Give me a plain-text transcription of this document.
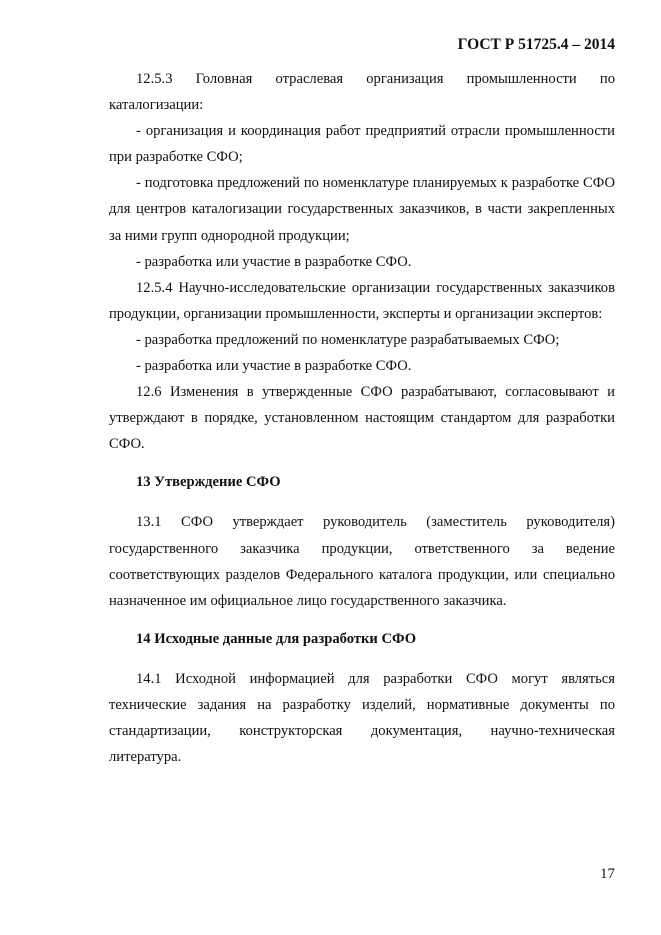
ГОСТ Р 51725.4 – 2014

12.5.3 Головная отраслевая организация промышленности по каталогизации:

- организация и координация работ предприятий отрасли промышленности при разработке СФО;

- подготовка предложений по номенклатуре планируемых к разработке СФО для центров каталогизации государственных заказчиков, в части закрепленных за ними групп однородной продукции;

- разработка или участие в разработке СФО.

12.5.4 Научно-исследовательские организации государственных заказчиков продукции, организации промышленности, эксперты и организации экспертов:

- разработка предложений по номенклатуре разрабатываемых СФО;

- разработка или участие в разработке СФО.

12.6 Изменения в утвержденные СФО разрабатывают, согласовывают и утверждают в порядке, установленном настоящим стандартом для разработки СФО.

13 Утверждение СФО

13.1 СФО утверждает руководитель (заместитель руководителя) государственного заказчика продукции, ответственного за ведение соответствующих разделов Федерального каталога продукции, или специально назначенное им официальное лицо государственного заказчика.

14 Исходные данные для разработки СФО

14.1 Исходной информацией для разработки СФО могут являться технические задания на разработку изделий, нормативные документы по стандартизации, конструкторская документация, научно-техническая литература.

17
